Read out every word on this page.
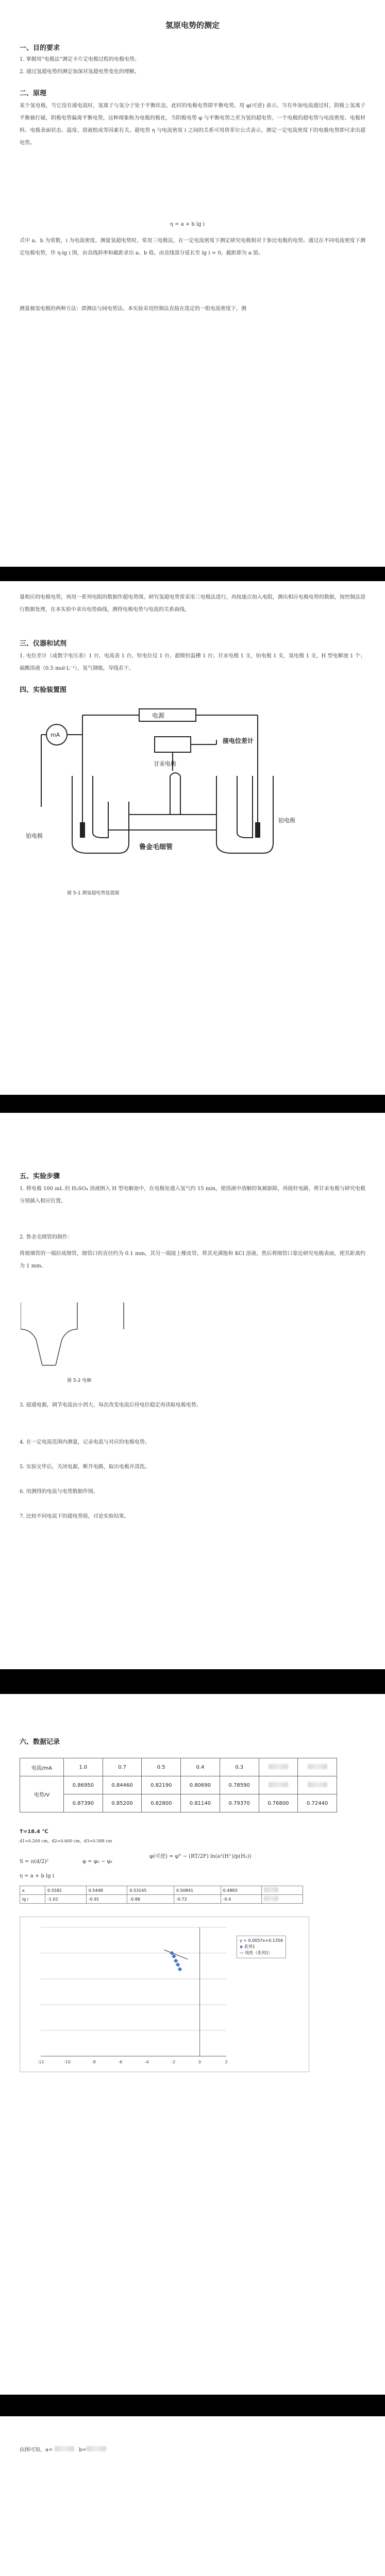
氢原电势的测定
一、目的要求

1. 掌握用“电极法”测定卡片定电极过程的电极电势。

2. 通过氢超电势的测定加深对氢超电势变化的理解。

二、原理

某个氢电极，当它没有通电流时，氢离子与氢分子处于平衡状态，此时的电极电势即平衡电势，用 φ(可逆) 表示。当有外加电流通过时，阴极上氢离子平衡被打破，阴极电势偏离平衡电势，这种现象称为电极的极化，当阴极电势 φ 与平衡电势之差为氢的超电势。一个电极的超电势与电流密度、电极材料、电极表面状态、温度、溶液组成等因素有关。超电势 η 与电流密度 i 之间的关系可用塔菲尔公式表示，测定一定电流密度下的电极电势即可求出超电势。

η = a + b lg i

式中 a、b 为常数，i 为电流密度。测量氢超电势时，常用三电极法，在一定电流密度下测定研究电极相对于参比电极的电势。通过在不同电流密度下测定电极电势，作 η-lg i 图，由直线斜率和截距求出 a、b 值。由直线部分延长至 lg i = 0，截距即为 a 值。

测量被氢电极的两种方法：即测法与间电势法。本实验采用控制法直接在选定的一组电流密度下，测

量相应的电极电势，再用一系列电阻的数据作超电势图。研究氢超电势常采用三电极法进行，再按逐点加入电阻，测出相应电极电势的数据，按控制法进行数据处理，在本实验中求出电势曲线，测得电极电势与电流的关系曲线。

三、仪器和试剂

1. 电位差计（或数字电压表）1 台，电流表 1 台，恒电位仪 1 台，超级恒温槽 1 台；甘汞电极 1 支，铂电极 1 支，氢电极 1 支，H 型电解池 1 个；硫酸溶液（0.5 mol·L⁻¹），氢气钢瓶，导线若干。

四、实验装置图
电源
mA
甘汞电极
接电位差计
鲁金毛细管
铂电极
铂电极
图 5-1 测氢超电势装置图
五、实验步骤

1. 将电极 100 mL 的 H₂SO₄ 溶液倒入 H 型电解池中，在电极处通入氢气约 15 min，使溶液中溶解的氧被驱除，再接好电路，将甘汞电极与研究电极分别插入相应位置。

2. 鲁金毛细管的制作：

将玻璃管的一端拉成细管，细管口的直径约为 0.1 mm，其另一端接上橡皮管。将其充满饱和 KCl 溶液，然后将细管口靠近研究电极表面，使其距离约为 1 mm。

图 5-2 电解

3. 接通电源，调节电流由小到大，每次改变电流后待电位稳定再读取电极电势。

4. 在一定电流范围内测量，记录电流与对应的电极电势。

5. 实验完毕后，关闭电源，断开电路，取出电极并清洗。

6. 用测得的电流与电势数据作图。

7. 比较不同电流下的超电势值，讨论实验结果。

六、数据记录
电流/mA	1.0	0.7	0.5	0.4	0.3		
电势/V	0.86950	0.84460	0.82190	0.80690	0.78590		
	0.87390	0.85200	0.82800	0.81140	0.79370	0.76800	0.72440
T=18.4 ℃
d1=0.200 cm，d2=0.600 cm，d3=0.588 cm
S = π(d/2)²	φ = φ₀ − φ₁
φ(可逆) = φ° − (RT/2F) ln(a²(H⁺)/p(H₂))
η = a + b lg i
x	0.5582	0.5448	0.53145	0.50841	0.4883	
lg i	-1.02	-0.91	-0.86	-0.72	-0.4	
-12	-10	-8	-6	-4	-2	0	2
y = 0.0057x+0.1356
◆ 系列1
— 线性（系列1）
由图可知，a=	b=
